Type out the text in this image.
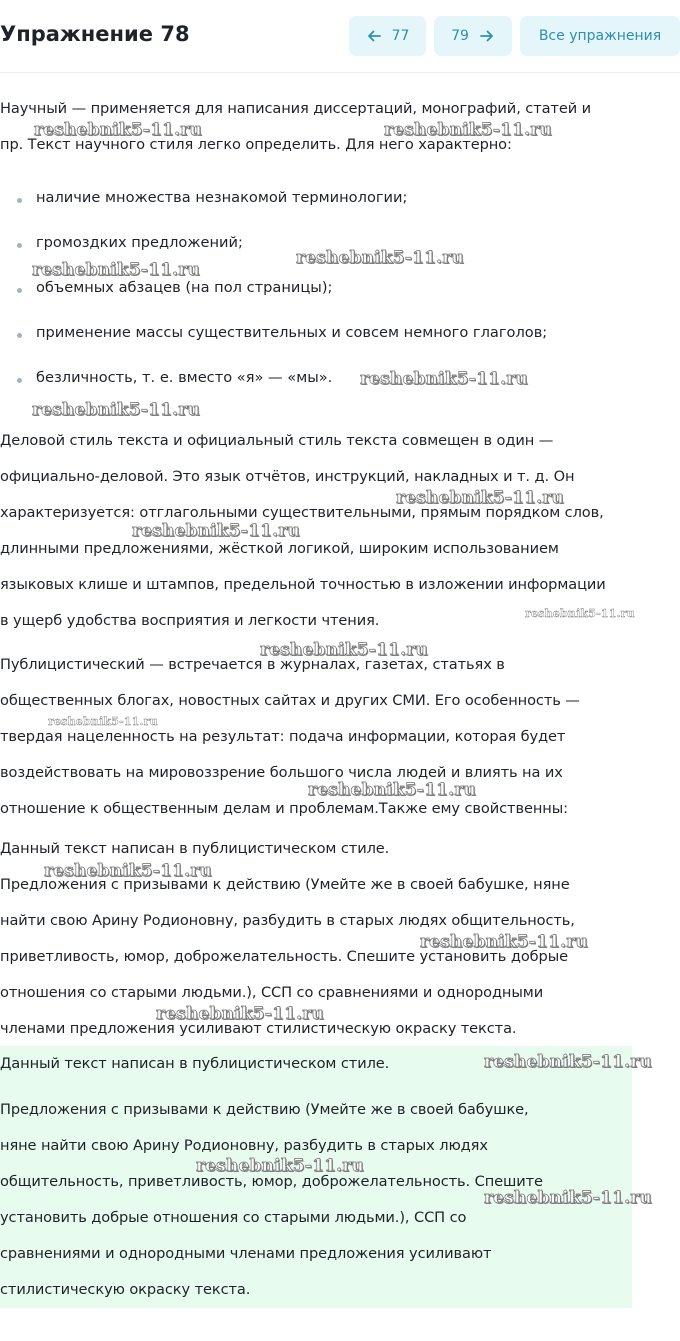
Упражнение 78	77	79	Все упражнения
Научный — применяется для написания диссертаций, монографий, статей и
пр. Текст научного стиля легко определить. Для него характерно:
наличие множества незнакомой терминологии;
громоздких предложений;
объемных абзацев (на пол страницы);
применение массы существительных и совсем немного глаголов;
безличность, т. е. вместо «я» — «мы».
Деловой стиль текста и официальный стиль текста совмещен в один —
официально-деловой. Это язык отчётов, инструкций, накладных и т. д. Он
характеризуется: отглагольными существительными, прямым порядком слов,
длинными предложениями, жёсткой логикой, широким использованием
языковых клише и штампов, предельной точностью в изложении информации
в ущерб удобства восприятия и легкости чтения.
Публицистический — встречается в журналах, газетах, статьях в
общественных блогах, новостных сайтах и других СМИ. Его особенность —
твердая нацеленность на результат: подача информации, которая будет
воздействовать на мировоззрение большого числа людей и влиять на их
отношение к общественным делам и проблемам.Также ему свойственны:
Данный текст написан в публицистическом стиле.
Предложения с призывами к действию (Умейте же в своей бабушке, няне
найти свою Арину Родионовну, разбудить в старых людях общительность,
приветливость, юмор, доброжелательность. Спешите установить добрые
отношения со старыми людьми.), ССП со сравнениями и однородными
членами предложения усиливают стилистическую окраску текста.
Данный текст написан в публицистическом стиле.
Предложения с призывами к действию (Умейте же в своей бабушке,
няне найти свою Арину Родионовну, разбудить в старых людях
общительность, приветливость, юмор, доброжелательность. Спешите
установить добрые отношения со старыми людьми.), ССП со
сравнениями и однородными членами предложения усиливают
стилистическую окраску текста.
reshebnik5-11.ru	reshebnik5-11.ru
reshebnik5-11.ru
reshebnik5-11.ru
reshebnik5-11.ru
reshebnik5-11.ru
reshebnik5-11.ru
reshebnik5-11.ru
reshebnik5-11.ru
reshebnik5-11.ru
reshebnik5-11.ru
reshebnik5-11.ru
reshebnik5-11.ru
reshebnik5-11.ru
reshebnik5-11.ru
reshebnik5-11.ru
reshebnik5-11.ru
reshebnik5-11.ru
